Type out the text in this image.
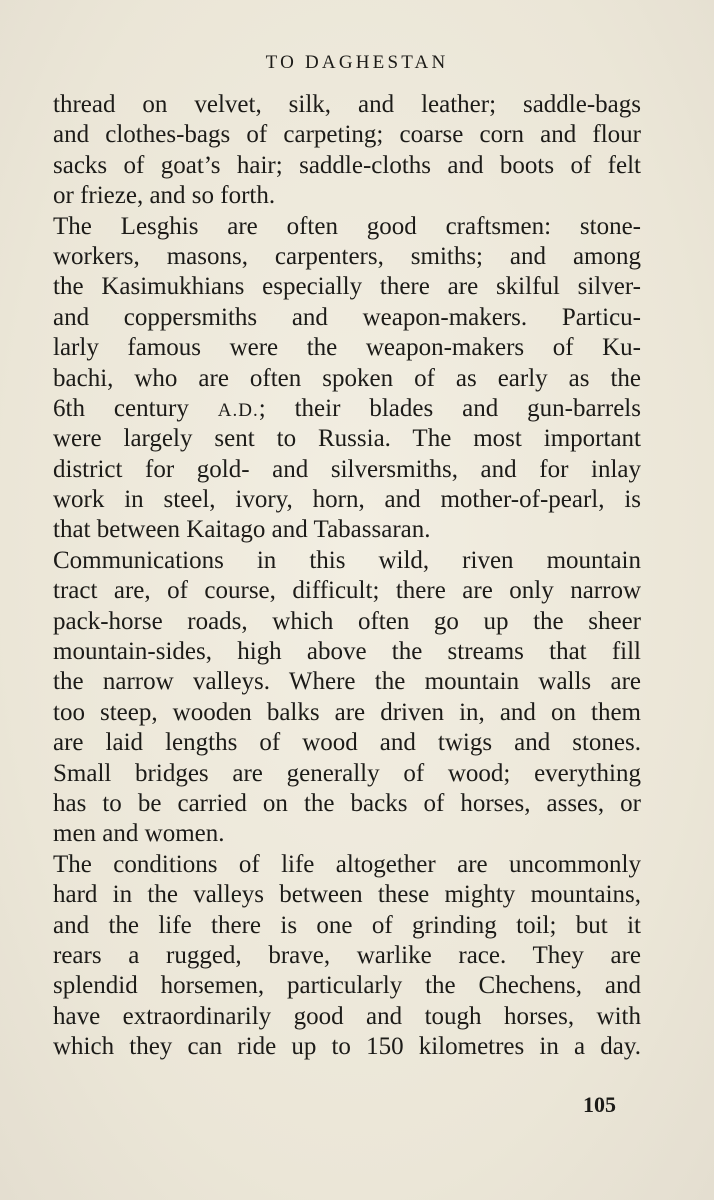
TO DAGHESTAN
thread on velvet, silk, and leather; saddle-bags
and clothes-bags of carpeting; coarse corn and flour
sacks of goat’s hair; saddle-cloths and boots of felt
or frieze, and so forth.
The Lesghis are often good craftsmen: stone-
workers, masons, carpenters, smiths; and among
the Kasimukhians especially there are skilful silver-
and coppersmiths and weapon-makers. Particu-
larly famous were the weapon-makers of Ku-
bachi, who are often spoken of as early as the
6th century A.D.; their blades and gun-barrels
were largely sent to Russia. The most important
district for gold- and silversmiths, and for inlay
work in steel, ivory, horn, and mother-of-pearl, is
that between Kaitago and Tabassaran.
Communications in this wild, riven mountain
tract are, of course, difficult; there are only narrow
pack-horse roads, which often go up the sheer
mountain-sides, high above the streams that fill
the narrow valleys. Where the mountain walls are
too steep, wooden balks are driven in, and on them
are laid lengths of wood and twigs and stones.
Small bridges are generally of wood; everything
has to be carried on the backs of horses, asses, or
men and women.
The conditions of life altogether are uncommonly
hard in the valleys between these mighty mountains,
and the life there is one of grinding toil; but it
rears a rugged, brave, warlike race. They are
splendid horsemen, particularly the Chechens, and
have extraordinarily good and tough horses, with
which they can ride up to 150 kilometres in a day.
105
